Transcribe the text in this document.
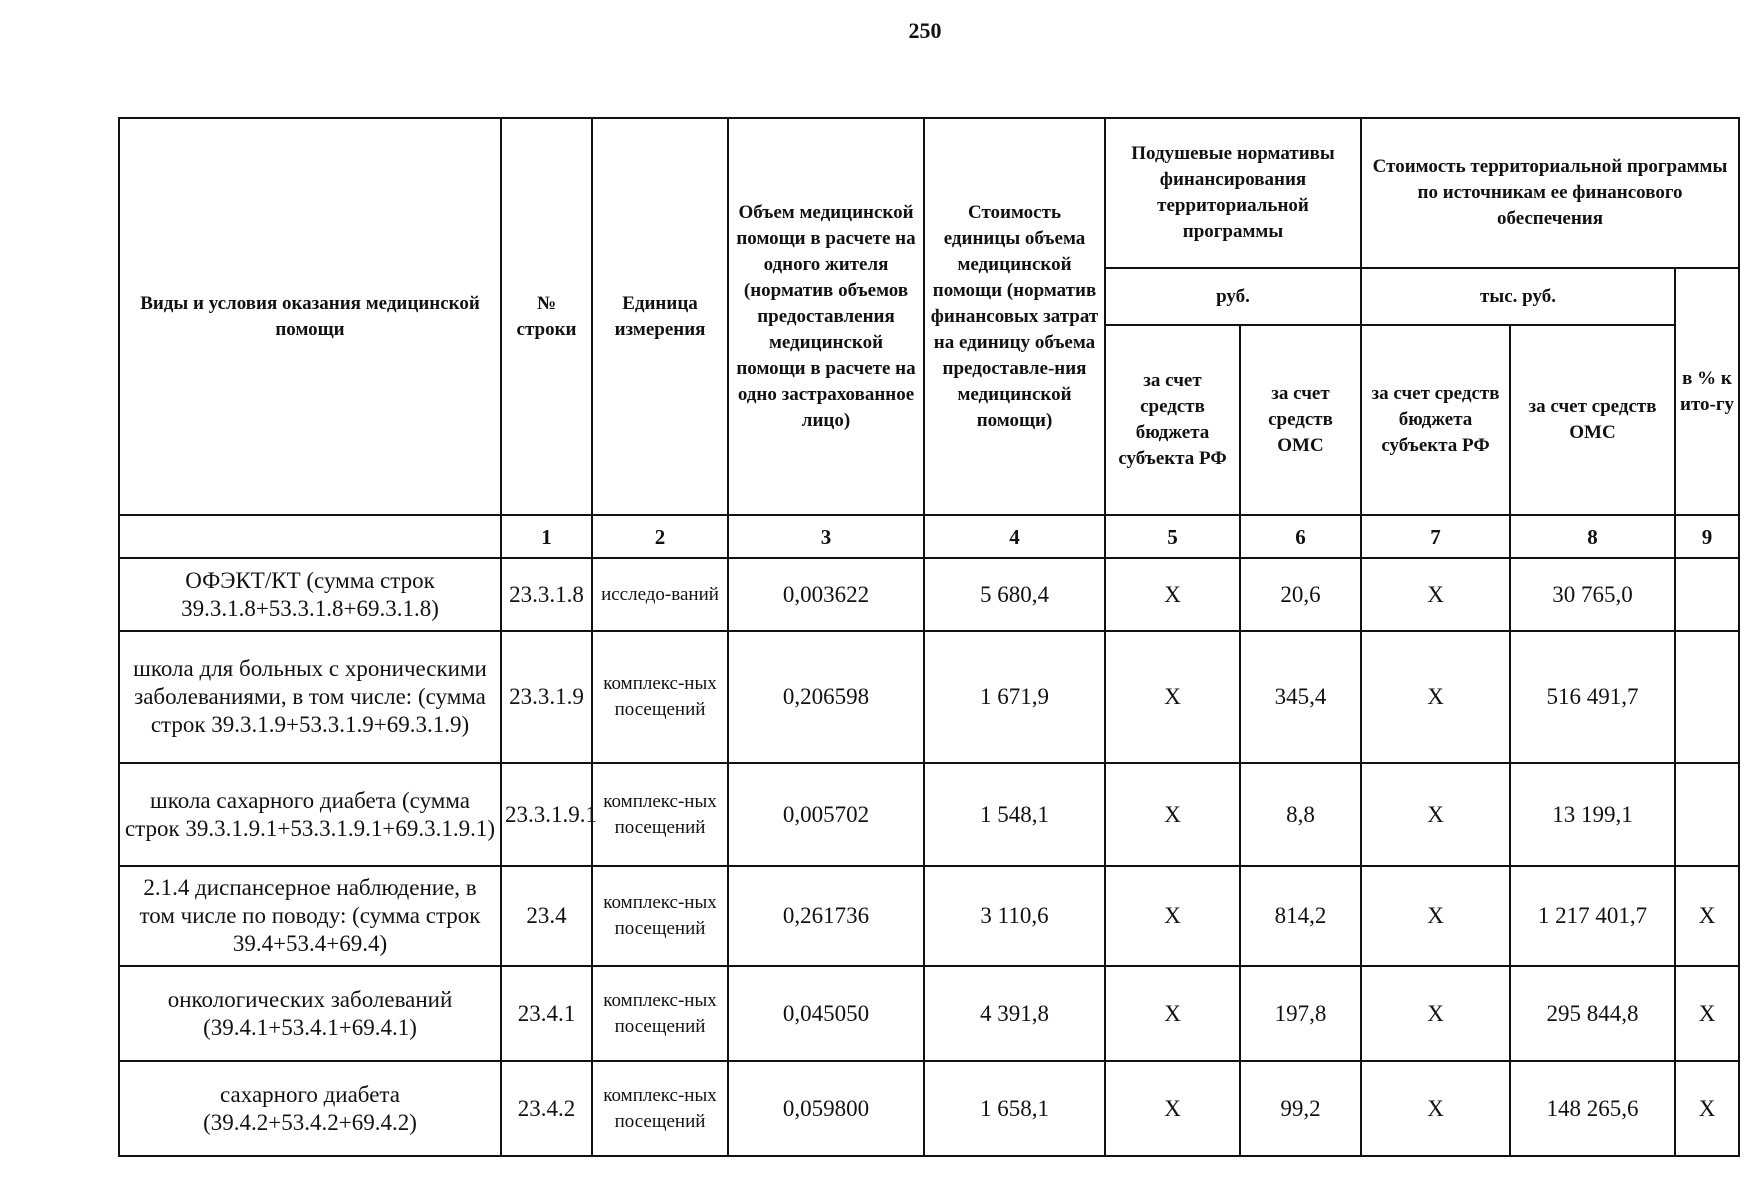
250
Виды и условия оказания медицинской помощи	№ строки	Единица измерения	Объем медицинской помощи в расчете на одного жителя (норматив объемов предоставления медицинской помощи в расчете на одно застрахованное лицо)	Стоимость единицы объема медицинской помощи (норматив финансовых затрат на единицу объема предоставле-ния медицинской помощи)	Подушевые нормативы финансирования территориальной программы		Стоимость территориальной программы по источникам ее финансового обеспечения		
					руб.		тыс. руб.		в % к ито-гу
					за счет средств бюджета субъекта РФ	за счет средств ОМС	за счет средств бюджета субъекта РФ	за счет средств ОМС	
	1	2	3	4	5	6	7	8	9
ОФЭКТ/КТ (сумма строк 39.3.1.8+53.3.1.8+69.3.1.8)	23.3.1.8	исследо-ваний	0,003622	5 680,4	Х	20,6	Х	30 765,0	
школа для больных с хроническими заболеваниями, в том числе: (сумма строк 39.3.1.9+53.3.1.9+69.3.1.9)	23.3.1.9	комплекс-ных посещений	0,206598	1 671,9	Х	345,4	Х	516 491,7	
школа сахарного диабета (сумма строк 39.3.1.9.1+53.3.1.9.1+69.3.1.9.1)	23.3.1.9.1	комплекс-ных посещений	0,005702	1 548,1	Х	8,8	Х	13 199,1	
2.1.4 диспансерное наблюдение, в том числе по поводу: (сумма строк 39.4+53.4+69.4)	23.4	комплекс-ных посещений	0,261736	3 110,6	Х	814,2	Х	1 217 401,7	Х
онкологических заболеваний (39.4.1+53.4.1+69.4.1)	23.4.1	комплекс-ных посещений	0,045050	4 391,8	Х	197,8	Х	295 844,8	Х
сахарного диабета (39.4.2+53.4.2+69.4.2)	23.4.2	комплекс-ных посещений	0,059800	1 658,1	Х	99,2	Х	148 265,6	Х
